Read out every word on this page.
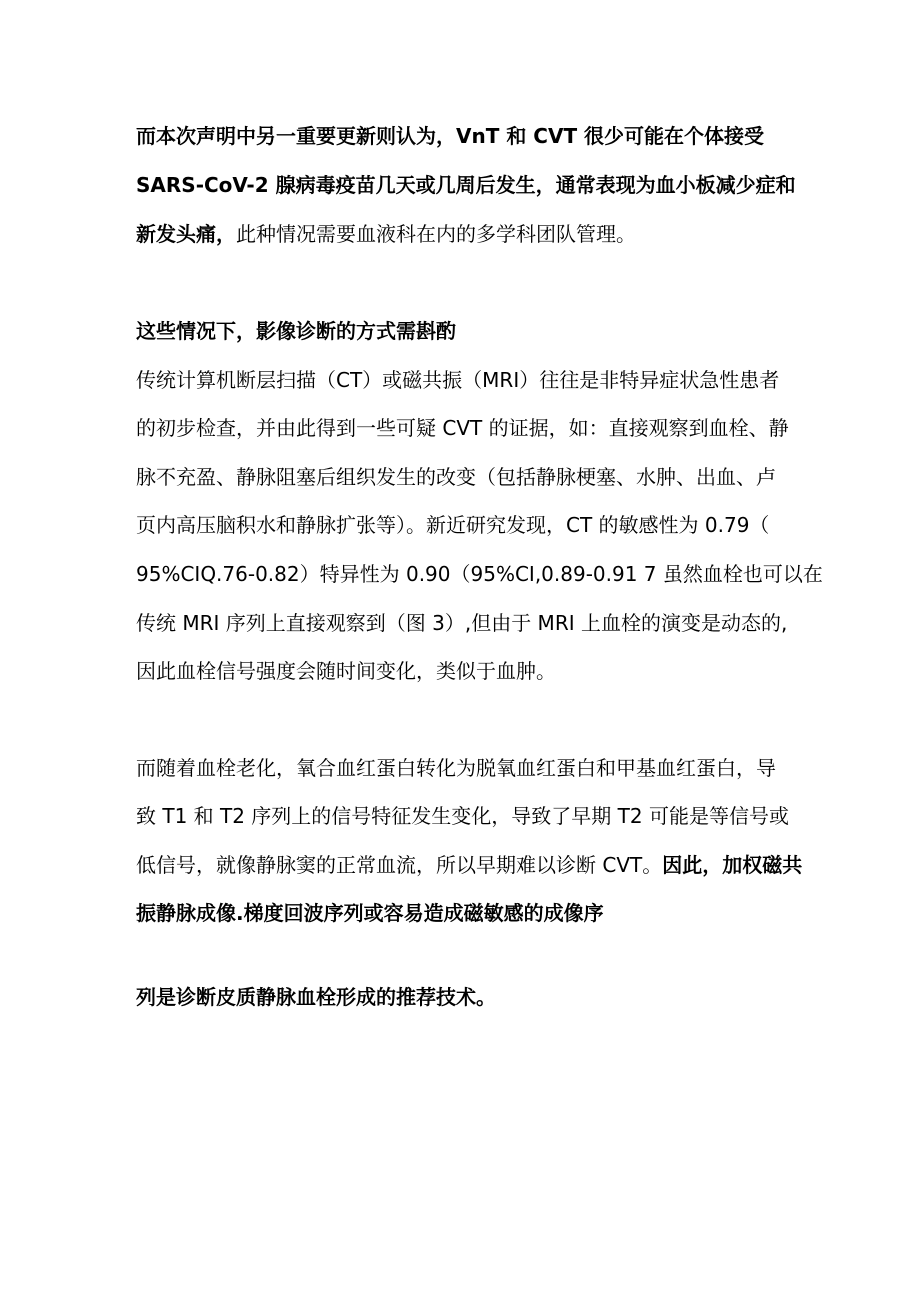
而本次声明中另一重要更新则认为，VnT 和 CVT 很少可能在个体接受
SARS-CoV-2 腺病毒疫苗几天或几周后发生，通常表现为血小板减少症和
新发头痛，此种情况需要血液科在内的多学科团队管理。
这些情况下，影像诊断的方式需斟酌
传统计算机断层扫描（CT）或磁共振（MRI）往往是非特异症状急性患者
的初步检查，并由此得到一些可疑 CVT 的证据，如：直接观察到血栓、静
脉不充盈、静脉阻塞后组织发生的改变（包括静脉梗塞、水肿、出血、卢
页内高压脑积水和静脉扩张等）。新近研究发现，CT 的敏感性为 0.79（
95%CIQ.76-0.82）特异性为 0.90（95%CI,0.89-0.91 7 虽然血栓也可以在
传统 MRI 序列上直接观察到（图 3）,但由于 MRI 上血栓的演变是动态的,
因此血栓信号强度会随时间变化，类似于血肿。
而随着血栓老化，氧合血红蛋白转化为脱氧血红蛋白和甲基血红蛋白，导
致 T1 和 T2 序列上的信号特征发生变化，导致了早期 T2 可能是等信号或
低信号，就像静脉窦的正常血流，所以早期难以诊断 CVT。因此，加权磁共
振静脉成像.梯度回波序列或容易造成磁敏感的成像序
列是诊断皮质静脉血栓形成的推荐技术。
